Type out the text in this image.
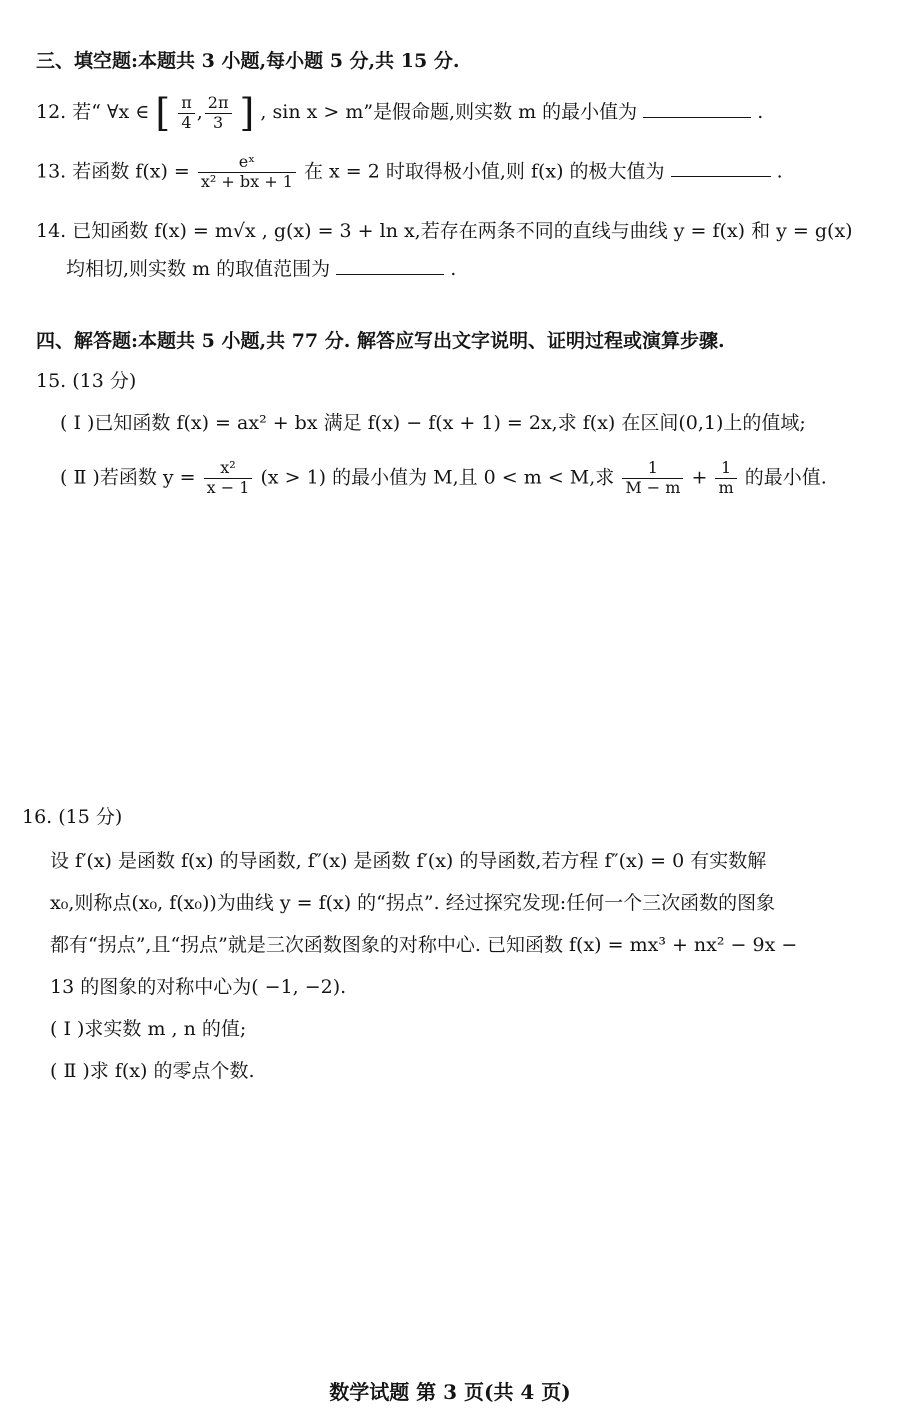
三、填空题:本题共 3 小题,每小题 5 分,共 15 分.
12. 若“ ∀x ∈ [ $\frac{\pi}{4}$ , $\frac{2\pi}{3}$ ] , sin x > m”是假命题,则实数 m 的最小值为	.
13. 若函数 $f(x) = \frac{\text{eˣ}}{\text{x² + bx + 1}}$ 在 x = 2 时取得极小值,则 f(x) 的极大值为	.
14. 已知函数 f(x) = m√x , g(x) = 3 + ln x,若存在两条不同的直线与曲线 y = f(x) 和 y = g(x)
均相切,则实数 m 的取值范围为	.
四、解答题:本题共 5 小题,共 77 分. 解答应写出文字说明、证明过程或演算步骤.
15. (13 分)
( Ⅰ )已知函数 f(x) = ax² + bx 满足 f(x) − f(x + 1) = 2x,求 f(x) 在区间(0,1)上的值域;
( Ⅱ )若函数 $y = \frac{\text{x²}}{x - 1} (x > 1)$ 的最小值为 M,且 0 < m < M,求 $\frac{1}{M - m} + \frac{1}{m}$ 的最小值.
16. (15 分)
设 f′(x) 是函数 f(x) 的导函数, f″(x) 是函数 f′(x) 的导函数,若方程 f″(x) = 0 有实数解
x₀,则称点(x₀, f(x₀))为曲线 y = f(x) 的“拐点”. 经过探究发现:任何一个三次函数的图象
都有“拐点”,且“拐点”就是三次函数图象的对称中心. 已知函数 f(x) = mx³ + nx² − 9x −
13 的图象的对称中心为( −1, −2).
( Ⅰ )求实数 m , n 的值;
( Ⅱ )求 f(x) 的零点个数.
数学试题 第 3 页(共 4 页)
